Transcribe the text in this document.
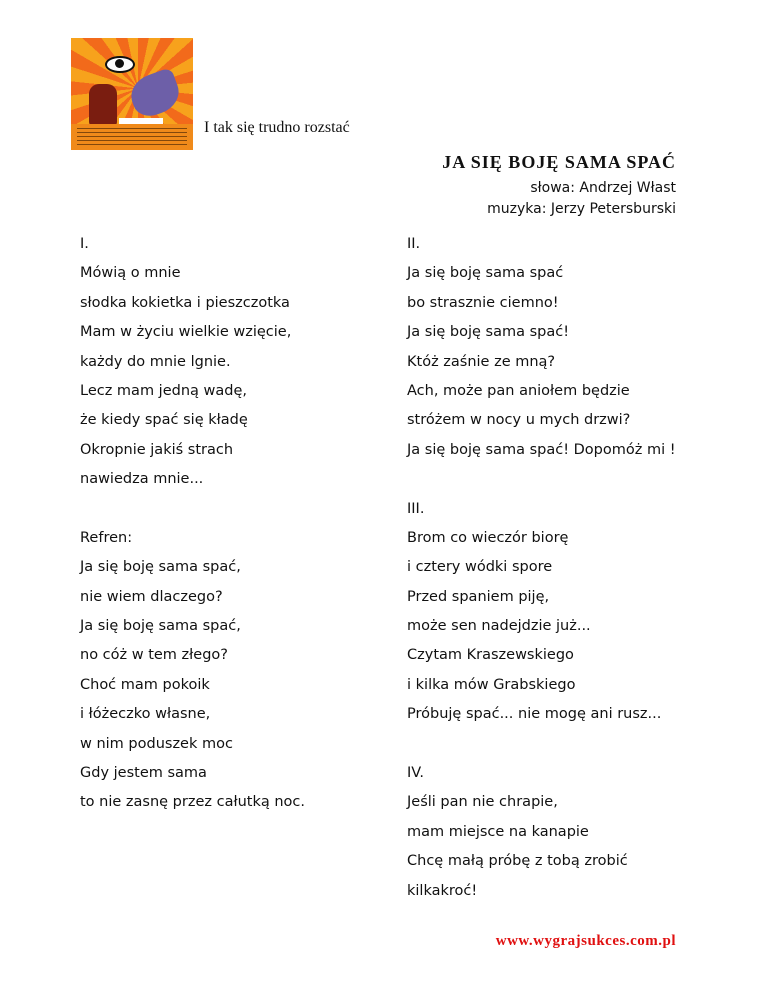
I tak się trudno rozstać
JA SIĘ BOJĘ SAMA SPAĆ
słowa: Andrzej Włast
muzyka: Jerzy Petersburski
I.
Mówią o mnie
słodka kokietka i pieszczotka
Mam w życiu wielkie wzięcie,
każdy do mnie lgnie.
Lecz mam jedną wadę,
że kiedy spać się kładę
Okropnie jakiś strach
nawiedza mnie...
Refren:
Ja się boję sama spać,
nie wiem dlaczego?
Ja się boję sama spać,
no cóż w tem złego?
Choć mam pokoik
i łóżeczko własne,
w nim poduszek moc
Gdy jestem sama
to nie zasnę przez całutką noc.
II.
Ja się boję sama spać
bo strasznie ciemno!
Ja się boję sama spać!
Któż zaśnie ze mną?
Ach, może pan aniołem będzie
stróżem w nocy u mych drzwi?
Ja się boję sama spać! Dopomóż mi !
III.
Brom co wieczór biorę
i cztery wódki spore
Przed spaniem piję,
może sen nadejdzie już...
Czytam Kraszewskiego
i kilka mów Grabskiego
Próbuję spać... nie mogę ani rusz...
IV.
Jeśli pan nie chrapie,
mam miejsce na kanapie
Chcę małą próbę z tobą zrobić
kilkakroć!
www.wygrajsukces.com.pl
